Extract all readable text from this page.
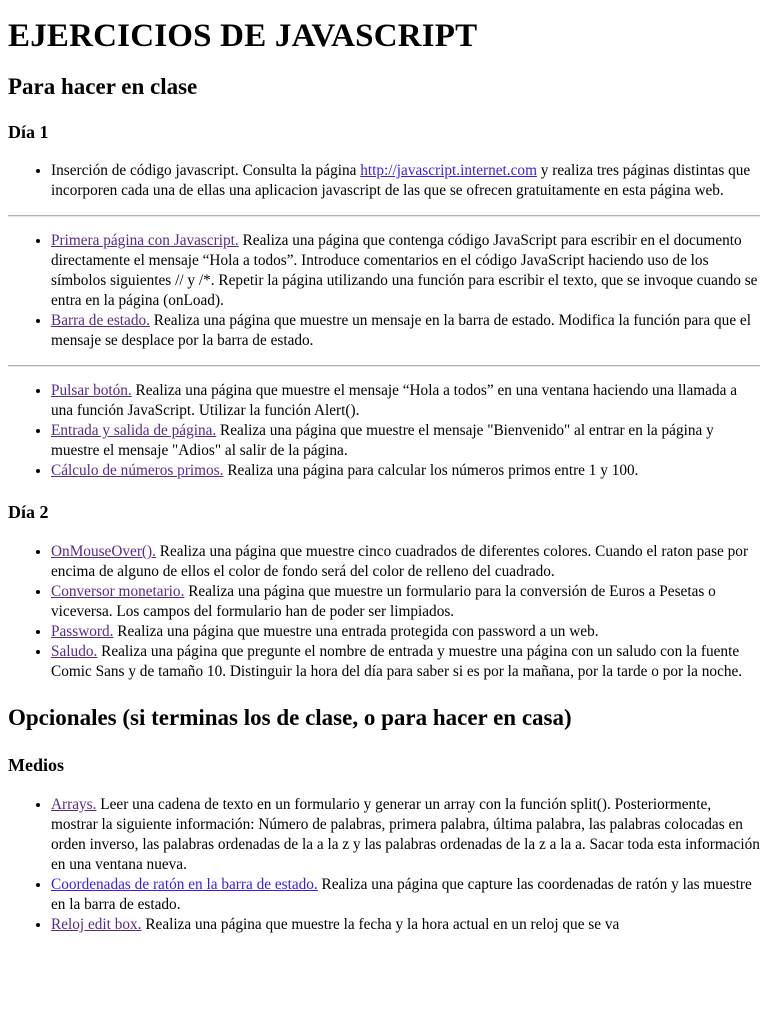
EJERCICIOS DE JAVASCRIPT
Para hacer en clase
Día 1
• Inserción de código javascript. Consulta la página http://javascript.internet.com y realiza tres páginas distintas que incorporen cada una de ellas una aplicacion javascript de las que se ofrecen gratuitamente en esta página web.
• Primera página con Javascript. Realiza una página que contenga código JavaScript para escribir en el documento directamente el mensaje “Hola a todos”. Introduce comentarios en el código JavaScript haciendo uso de los símbolos siguientes // y /*. Repetir la página utilizando una función para escribir el texto, que se invoque cuando se entra en la página (onLoad).
• Barra de estado. Realiza una página que muestre un mensaje en la barra de estado. Modifica la función para que el mensaje se desplace por la barra de estado.
• Pulsar botón. Realiza una página que muestre el mensaje “Hola a todos” en una ventana haciendo una llamada a una función JavaScript. Utilizar la función Alert().
• Entrada y salida de página. Realiza una página que muestre el mensaje "Bienvenido" al entrar en la página y muestre el mensaje "Adios" al salir de la página.
• Cálculo de números primos. Realiza una página para calcular los números primos entre 1 y 100.
Día 2
• OnMouseOver(). Realiza una página que muestre cinco cuadrados de diferentes colores. Cuando el raton pase por encima de alguno de ellos el color de fondo será del color de relleno del cuadrado.
• Conversor monetario. Realiza una página que muestre un formulario para la conversión de Euros a Pesetas o viceversa. Los campos del formulario han de poder ser limpiados.
• Password. Realiza una página que muestre una entrada protegida con password a un web.
• Saludo. Realiza una página que pregunte el nombre de entrada y muestre una página con un saludo con la fuente Comic Sans y de tamaño 10. Distinguir la hora del día para saber si es por la mañana, por la tarde o por la noche.
Opcionales (si terminas los de clase, o para hacer en casa)
Medios
• Arrays. Leer una cadena de texto en un formulario y generar un array con la función split(). Posteriormente, mostrar la siguiente información: Número de palabras, primera palabra, última palabra, las palabras colocadas en orden inverso, las palabras ordenadas de la a la z y las palabras ordenadas de la z a la a. Sacar toda esta información en una ventana nueva.
• Coordenadas de ratón en la barra de estado. Realiza una página que capture las coordenadas de ratón y las muestre en la barra de estado.
• Reloj edit box. Realiza una página que muestre la fecha y la hora actual en un reloj que se va
